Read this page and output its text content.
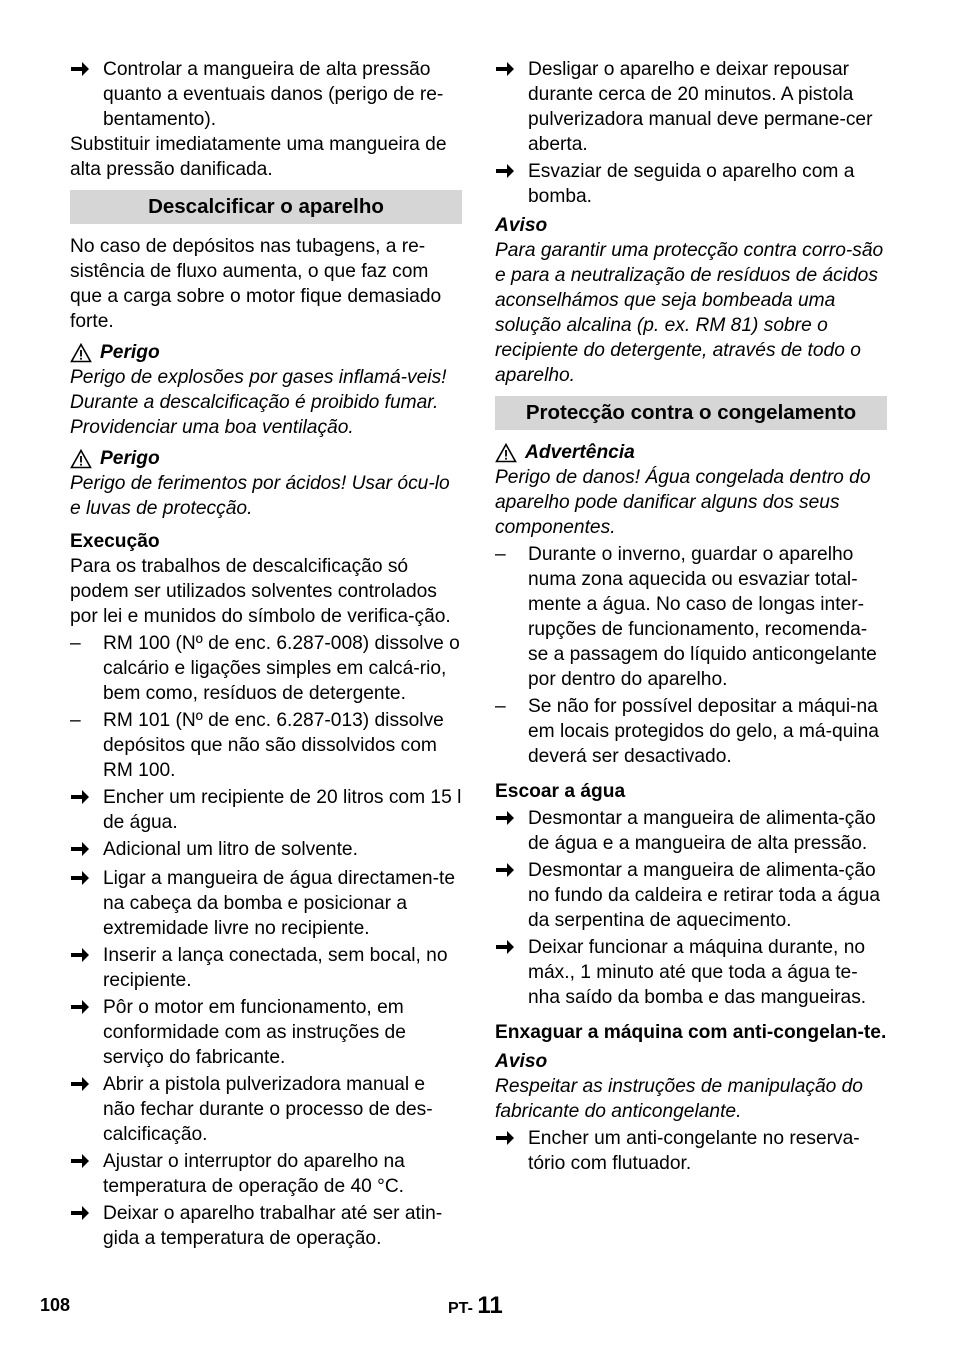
Controlar a mangueira de alta pressão quanto a eventuais danos (perigo de re-bentamento).

Substituir imediatamente uma mangueira de alta pressão danificada.

Descalcificar o aparelho

No caso de depósitos nas tubagens, a re-sistência de fluxo aumenta, o que faz com que a carga sobre o motor fique demasiado forte.

Perigo

Perigo de explosões por gases inflamá-veis! Durante a descalcificação é proibido fumar. Providenciar uma boa ventilação.

Perigo

Perigo de ferimentos por ácidos! Usar ócu-lo e luvas de protecção.

Execução

Para os trabalhos de descalcificação só podem ser utilizados solventes controlados por lei e munidos do símbolo de verifica-ção.

–	RM 100 (Nº de enc. 6.287-008) dissolve o calcário e ligações simples em calcá-rio, bem como, resíduos de detergente.
–	RM 101 (Nº de enc. 6.287-013) dissolve depósitos que não são dissolvidos com RM 100.
Encher um recipiente de 20 litros com 15 l de água.
Adicional um litro de solvente.
Ligar a mangueira de água directamen-te na cabeça da bomba e posicionar a extremidade livre no recipiente.
Inserir a lança conectada, sem bocal, no recipiente.
Pôr o motor em funcionamento, em conformidade com as instruções de serviço do fabricante.
Abrir a pistola pulverizadora manual e não fechar durante o processo de des-calcificação.
Ajustar o interruptor do aparelho na temperatura de operação de 40 °C.
Deixar o aparelho trabalhar até ser atin-gida a temperatura de operação.
Desligar o aparelho e deixar repousar durante cerca de 20 minutos. A pistola pulverizadora manual deve permane-cer aberta.
Esvaziar de seguida o aparelho com a bomba.
Aviso

Para garantir uma protecção contra corro-são e para a neutralização de resíduos de ácidos aconselhámos que seja bombeada uma solução alcalina (p. ex. RM 81) sobre o recipiente do detergente, através de todo o aparelho.

Protecção contra o congelamento
Advertência

Perigo de danos! Água congelada dentro do aparelho pode danificar alguns dos seus componentes.

–	Durante o inverno, guardar o aparelho numa zona aquecida ou esvaziar total-mente a água. No caso de longas inter-rupções de funcionamento, recomenda-se a passagem do líquido anticongelante por dentro do aparelho.
–	Se não for possível depositar a máqui-na em locais protegidos do gelo, a má-quina deverá ser desactivado.
Escoar a água
Desmontar a mangueira de alimenta-ção de água e a mangueira de alta pressão.
Desmontar a mangueira de alimenta-ção no fundo da caldeira e retirar toda a água da serpentina de aquecimento.
Deixar funcionar a máquina durante, no máx., 1 minuto até que toda a água te-nha saído da bomba e das mangueiras.
Enxaguar a máquina com anti-congelan-te.
Aviso

Respeitar as instruções de manipulação do fabricante do anticongelante.

Encher um anti-congelante no reserva-tório com flutuador.
108	PT- 11
